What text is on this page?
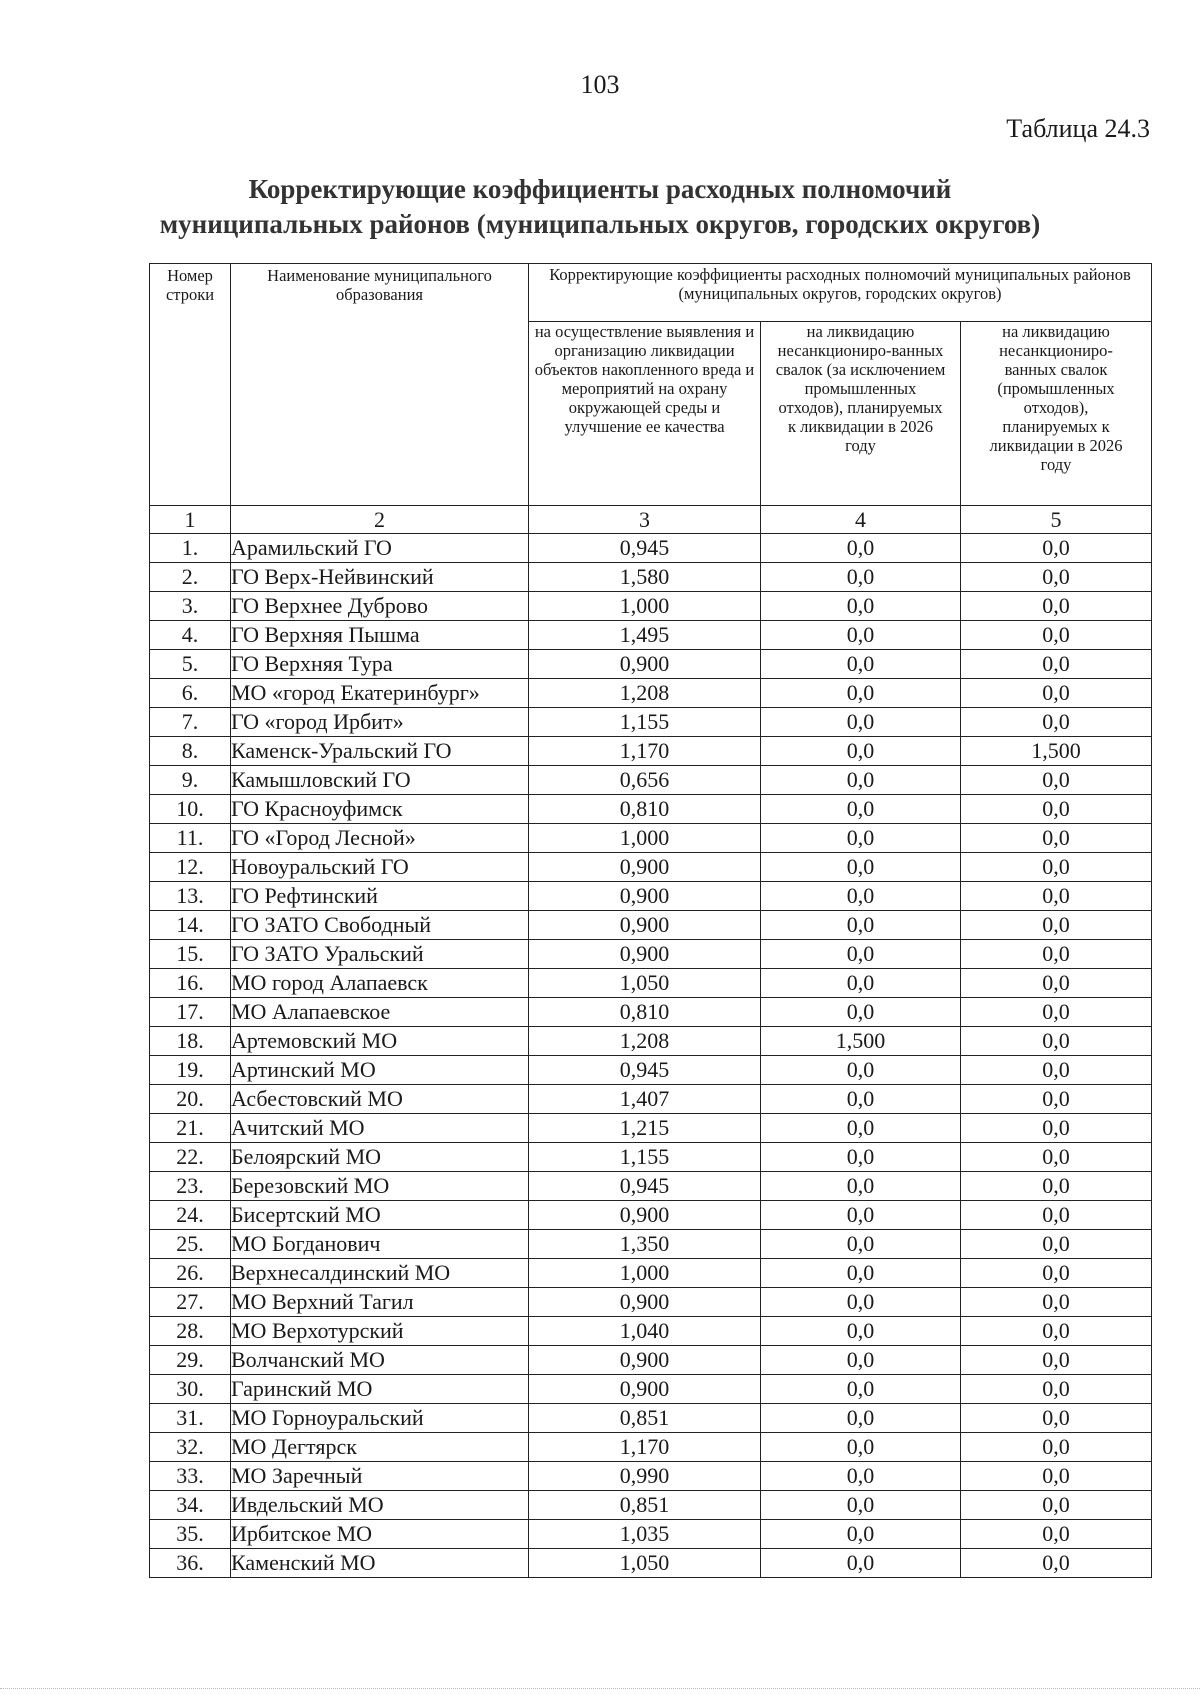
103
Таблица 24.3
Корректирующие коэффициенты расходных полномочий
муниципальных районов (муниципальных округов, городских округов)
Номер строки	Наименование муниципального образования	Корректирующие коэффициенты расходных полномочий муниципальных районов (муниципальных округов, городских округов)		
		на осуществление выявления и организацию ликвидации объектов накопленного вреда и мероприятий на охрану окружающей среды и улучшение ее качества	на ликвидацию несанкциониро-ванных свалок (за исключением промышленных отходов), планируемых к ликвидации в 2026 году	на ликвидацию несанкциониро-ванных свалок (промышленных отходов), планируемых к ликвидации в 2026 году
1	2	3	4	5
1.	Арамильский ГО	0,945	0,0	0,0
2.	ГО Верх-Нейвинский	1,580	0,0	0,0
3.	ГО Верхнее Дуброво	1,000	0,0	0,0
4.	ГО Верхняя Пышма	1,495	0,0	0,0
5.	ГО Верхняя Тура	0,900	0,0	0,0
6.	МО «город Екатеринбург»	1,208	0,0	0,0
7.	ГО «город Ирбит»	1,155	0,0	0,0
8.	Каменск-Уральский ГО	1,170	0,0	1,500
9.	Камышловский ГО	0,656	0,0	0,0
10.	ГО Красноуфимск	0,810	0,0	0,0
11.	ГО «Город Лесной»	1,000	0,0	0,0
12.	Новоуральский ГО	0,900	0,0	0,0
13.	ГО Рефтинский	0,900	0,0	0,0
14.	ГО ЗАТО Свободный	0,900	0,0	0,0
15.	ГО ЗАТО Уральский	0,900	0,0	0,0
16.	МО город Алапаевск	1,050	0,0	0,0
17.	МО Алапаевское	0,810	0,0	0,0
18.	Артемовский МО	1,208	1,500	0,0
19.	Артинский МО	0,945	0,0	0,0
20.	Асбестовский МО	1,407	0,0	0,0
21.	Ачитский МО	1,215	0,0	0,0
22.	Белоярский МО	1,155	0,0	0,0
23.	Березовский МО	0,945	0,0	0,0
24.	Бисертский МО	0,900	0,0	0,0
25.	МО Богданович	1,350	0,0	0,0
26.	Верхнесалдинский МО	1,000	0,0	0,0
27.	МО Верхний Тагил	0,900	0,0	0,0
28.	МО Верхотурский	1,040	0,0	0,0
29.	Волчанский МО	0,900	0,0	0,0
30.	Гаринский МО	0,900	0,0	0,0
31.	МО Горноуральский	0,851	0,0	0,0
32.	МО Дегтярск	1,170	0,0	0,0
33.	МО Заречный	0,990	0,0	0,0
34.	Ивдельский МО	0,851	0,0	0,0
35.	Ирбитское МО	1,035	0,0	0,0
36.	Каменский МО	1,050	0,0	0,0
